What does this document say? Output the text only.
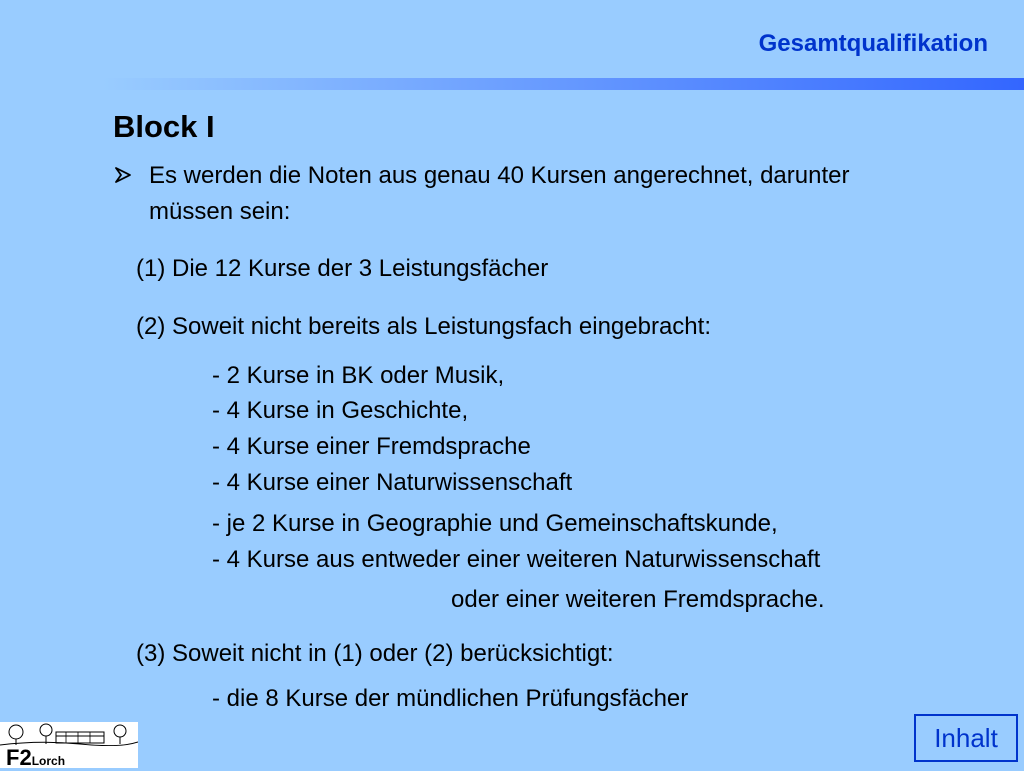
Gesamtqualifikation
Block I
Es werden die Noten aus genau 40 Kursen angerechnet, darunter müssen sein:
(1) Die 12 Kurse der 3 Leistungsfächer
(2) Soweit nicht bereits als Leistungsfach eingebracht:
- 2 Kurse in BK oder Musik,
- 4 Kurse in Geschichte,
- 4 Kurse einer Fremdsprache
- 4 Kurse einer Naturwissenschaft
- je 2 Kurse in Geographie und Gemeinschaftskunde,
- 4 Kurse aus entweder einer weiteren Naturwissenschaft
oder einer weiteren Fremdsprache.
(3) Soweit nicht in (1) oder (2) berücksichtigt:
- die 8 Kurse der mündlichen Prüfungsfächer
F2Lorch
Inhalt
